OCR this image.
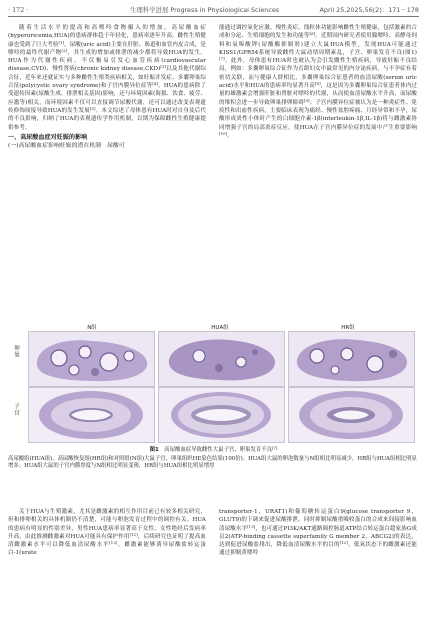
· 172 ·	生理科学进展 Progress in Physiological Sciences	April 25,2025,56(2)：171－178

随着生活水平的提高和高嘌呤食物摄入的增加，高尿酸血症(hyperuricemia,HUA)的患病群体趋于年轻化，患病率逐年升高，雌性生殖健康也受到了巨大考验[1]。尿酸(uric acid)主要在肝脏、肠道和血管内皮合成，是嘌呤的最终代谢产物[2]，其生成的增加或排泄的减少都将导致HUA的发生。HUA作为代谢性疾病，不仅极易引发心血管疾病(cardiovascular disease,CVD)、慢性肾病(chronic kidney disease,CKD)[3]以及其他代谢综合征，近年来还就证实与多种雌性生殖类疾病相关，如妊娠并发症、多囊卵巢综合征(polycystic ovary syndrome)和子宫内膜异位症等[4]。HUA的患病除了受遗传因素(尿酸生成、排泄相关基因)影响，还与环境因素(海拔、饮食、疲劳、应激等)相关，而环境因素不仅可以直接调节尿酸代谢，还可以通过改变表观遗传修饰间接导致HUA的发生发展[5]。本文综述了母体患有HUA时对自身及后代的不良影响，归纳了HUA的表观遗传学作用机制，以期为保障雌性生殖健康提供参考。

一、高尿酸血症对妊娠的影响
(一)高尿酸血症影响妊娠的潜在机制　尿酸可

能通过调控氧化应激、慢性炎症、线粒体功能影响雌性生殖健康，包括激素的合成和分泌、生殖细胞的发生和功能等[6]。近期国内研究者使用腺嘌呤、高酵母饲料和氧嗪酸钾(尿酸酶抑制剂)建立大鼠HUA模型，发现HUA可能通过KISS1/GPR54系统导致雌性大鼠动情周期紊乱，子宫、卵巢发育不良(图1)[7]。此外，母体患有HUA时也被认为会引发雌性生殖疾病，导致妊娠不良结局，例如：多囊卵巢综合征作为育龄妇女中最常见的内分泌疾病，与不孕症有着密切关联，而与健康人群相比，多囊卵巢综合征患者的血清尿酸(serum uric acid)水平和HUA的患病率均显著升高[8]，这是因为多囊卵巢综合征患者体内过量的雄激素会增强肝脏和肾脏对嘌呤的代谢，从而使血清尿酸水平升高，而尿酸的堆积会进一步导致卵巢排卵障碍[9]；子宫内膜异位症被认为是一种炎症性、免疫性和出血性疾病，主要临床表现为痛经、慢性盆腔疼痛、月经异常和不孕，尿酸形成炎性小体时产生的白细胞介素-1β(interleukin-1β,IL-1β)将与雌激素协同增强子宫的局部炎症反应，使HUA在子宫内膜异位症的发展中产生重要影响[10]。

N组	HUA组	HR组
卵巢
子宫
图1　 高尿酸血症导致雌性大鼠子宫、卵巢发育不良[7]
高尿酸组(HUA组)、高尿酸恢复组(HR组)和对照组(N组)大鼠子宫、卵巢组织HE染色结果(100倍)。HUA组大鼠的卵泡数量与N组相比明显减少，HR组与HUA组相比明显增多；HUA组大鼠的子宫内膜厚度与N组相比明显变薄，HR组与HUA组相比明显增厚

关于HUA与生殖激素，尤其是雌激素的相互作用目前已有较多相关研究，但和排卵相关的具体机制仍不清楚，可能与卵泡发育过程中的调控有关。HUA的患病有明显的性别差异，男性HUA患病率显著高于女性，女性绝经后发病率升高，由此推测雌激素对HUA可能具有保护作用[11]，后续研究也证明了提高血清雌激素水平可以降低血清尿酸水平[12]。雌激素能够诱导尿酸盐转运蛋白-1(urate

transporter-1，URAT1)和葡萄糖转运蛋白9(glucose transporter 9，GLUT9)的下调来促进尿酸排泄，同时抑制尿酸重吸收蛋白的合成来间接影响血清尿酸水平[13]，也可通过PI3K/AKT通路调控肠道ATP结合转运蛋白超家族G成员2(ATP-binding cassette superfamily G member 2，ABCG2)的表达，达到促进尿酸盐排出，降低血清尿酸水平的目的[12]。低氧状态下的雌激素还能通过抑制黄嘌呤
